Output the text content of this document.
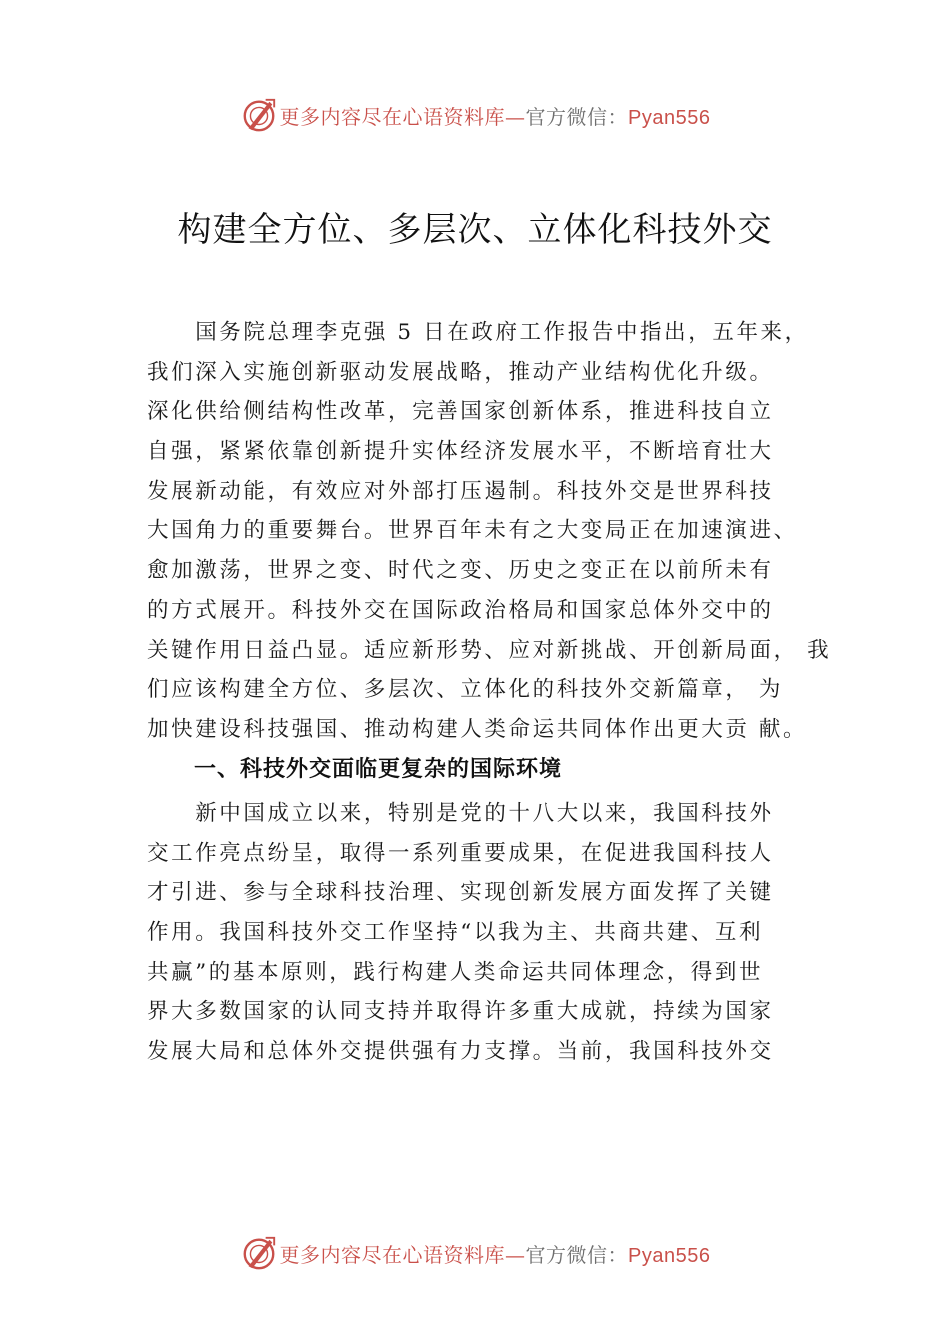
更多内容尽在心语资料库—官方微信：Pyan556
构建全方位、多层次、立体化科技外交
　　国务院总理李克强 5 日在政府工作报告中指出，五年来，
我们深入实施创新驱动发展战略，推动产业结构优化升级。
深化供给侧结构性改革，完善国家创新体系，推进科技自立
自强，紧紧依靠创新提升实体经济发展水平，不断培育壮大
发展新动能，有效应对外部打压遏制。科技外交是世界科技
大国角力的重要舞台。世界百年未有之大变局正在加速演进、
愈加激荡，世界之变、时代之变、历史之变正在以前所未有
的方式展开。科技外交在国际政治格局和国家总体外交中的
关键作用日益凸显。适应新形势、应对新挑战、开创新局面， 我
们应该构建全方位、多层次、立体化的科技外交新篇章， 为
加快建设科技强国、推动构建人类命运共同体作出更大贡 献。
一、科技外交面临更复杂的国际环境
　　新中国成立以来，特别是党的十八大以来，我国科技外
交工作亮点纷呈，取得一系列重要成果，在促进我国科技人
才引进、参与全球科技治理、实现创新发展方面发挥了关键
作用。我国科技外交工作坚持“以我为主、共商共建、互利
共赢”的基本原则，践行构建人类命运共同体理念，得到世
界大多数国家的认同支持并取得许多重大成就，持续为国家
发展大局和总体外交提供强有力支撑。当前，我国科技外交
更多内容尽在心语资料库—官方微信：Pyan556
